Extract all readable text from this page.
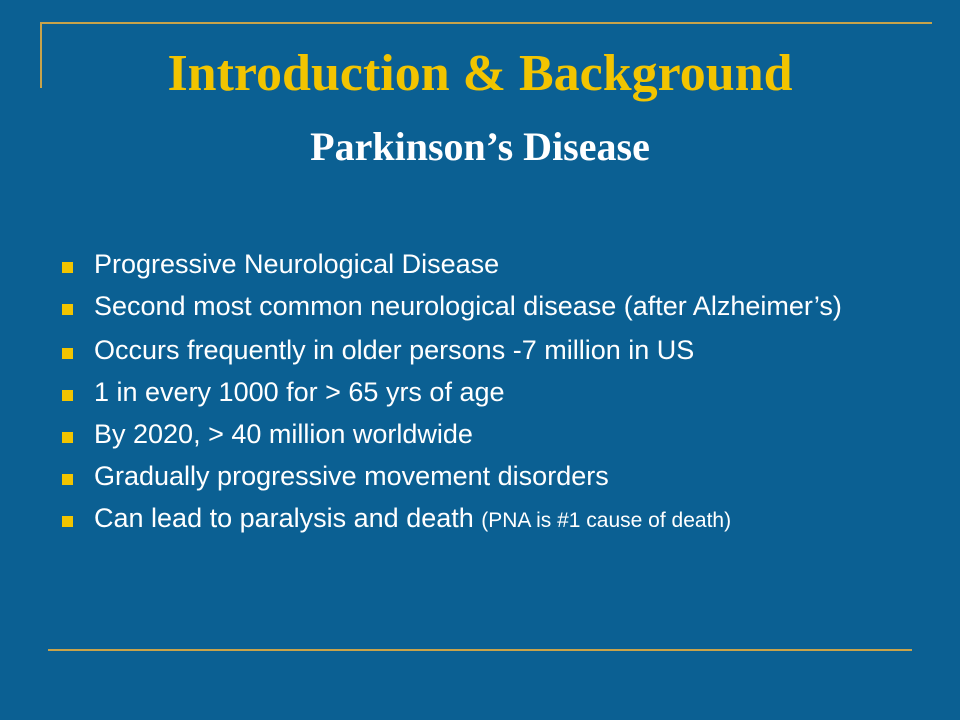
Introduction & Background
Parkinson’s Disease
Progressive Neurological Disease
Second most common neurological disease (after Alzheimer’s)
Occurs frequently in older persons -7 million in US
1 in every 1000 for > 65 yrs of age
By 2020, > 40 million worldwide
Gradually progressive movement disorders
Can lead to paralysis and death (PNA is #1 cause of death)
